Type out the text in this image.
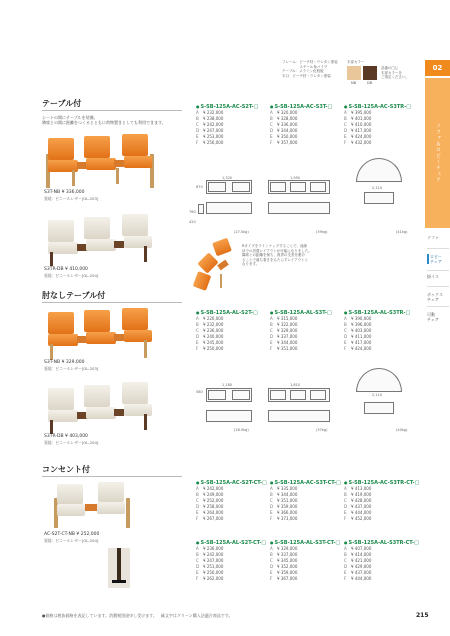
フレーム：ビーチ材・ウレタン塗装
　　　　　スチール角パイプ
テーブル：メラミン化粧板
木口：ビーチ材・ウレタン塗装
木部カラー
NB	DB
品番の□に
木部カラーを
ご指定ください。
02
ソファ＆ロビーチェア
ソファ
ロビー
チェア
掛イス
ボックス
チェア
可動
チェア
テーブル付
シートの間にテーブルを装備。
隣席との間に距離をつくるとともに荷物置きとしても利用できます。
S3T-NB ¥ 336,000
張地：ビニールレザー[GL-203]
S3TR-DB ¥ 410,000
張地：ビニールレザー[GL-204]
Rタイプをラインナップすることで、曲線
状での設置レイアウトが可能になりました。
隣席との距離を保ち、視界の交差を避け
ることで落ち着きをもたらすレイアウトと
なります。
肘なしテーブル付
S3T-NB ¥ 329,000
張地：ビニールレザー[GL-203]
S3TR-DB ¥ 403,000
張地：ビニールレザー[GL-204]
コンセント付
AC-S2T-CT-NB ¥ 252,000
張地：ビニールレザー[GL-204]
● S-SB-125A-AC-S2T-□
A ¥ 232,000
B ¥ 238,000
C ¥ 242,000
D ¥ 247,000
E ¥ 253,000
F ¥ 256,000
● S-SB-125A-AC-S3T-□
A ¥ 320,000
B ¥ 328,000
C ¥ 336,000
D ¥ 344,000
E ¥ 350,000
F ¥ 357,000
● S-SB-125A-AC-S3TR-□
A ¥ 395,000
B ¥ 401,000
C ¥ 410,000
D ¥ 417,000
E ¥ 424,000
F ¥ 432,000
● S-SB-125A-AL-S2T-□
A ¥ 226,000
B ¥ 232,000
C ¥ 236,000
D ¥ 240,000
E ¥ 245,000
F ¥ 250,000
● S-SB-125A-AL-S3T-□
A ¥ 315,000
B ¥ 322,000
C ¥ 329,000
D ¥ 337,000
E ¥ 344,000
F ¥ 351,000
● S-SB-125A-AL-S3TR-□
A ¥ 390,000
B ¥ 396,000
C ¥ 403,000
D ¥ 411,000
E ¥ 417,000
F ¥ 424,000
● S-SB-125A-AC-S2T-CT-□
A ¥ 242,000
B ¥ 249,000
C ¥ 252,000
D ¥ 258,000
E ¥ 264,000
F ¥ 267,000
● S-SB-125A-AC-S3T-CT-□
A ¥ 335,000
B ¥ 344,000
C ¥ 351,000
D ¥ 359,000
E ¥ 366,000
F ¥ 373,000
● S-SB-125A-AC-S3TR-CT-□
A ¥ 413,000
B ¥ 419,000
C ¥ 428,000
D ¥ 437,000
E ¥ 444,000
F ¥ 452,000
● S-SB-125A-AL-S2T-CT-□
A ¥ 236,000
B ¥ 242,000
C ¥ 247,000
D ¥ 251,000
E ¥ 256,000
F ¥ 262,000
● S-SB-125A-AL-S3T-CT-□
A ¥ 329,000
B ¥ 337,000
C ¥ 345,000
D ¥ 352,000
E ¥ 359,000
F ¥ 367,000
● S-SB-125A-AL-S3TR-CT-□
A ¥ 407,000
B ¥ 414,000
C ¥ 421,000
D ¥ 429,000
E ¥ 437,000
F ¥ 444,000
1,320	1,950
2,110
670
760
420
(27.5kg)	(39kg)	(41kg)
1,180	1,810
2,110
580
(28.5kg)	(37kg)	(40kg)
●価格は税抜価格を表記しています。消費税別途申し受けます。　緑文字はグリーン購入法適合商品です。	215
